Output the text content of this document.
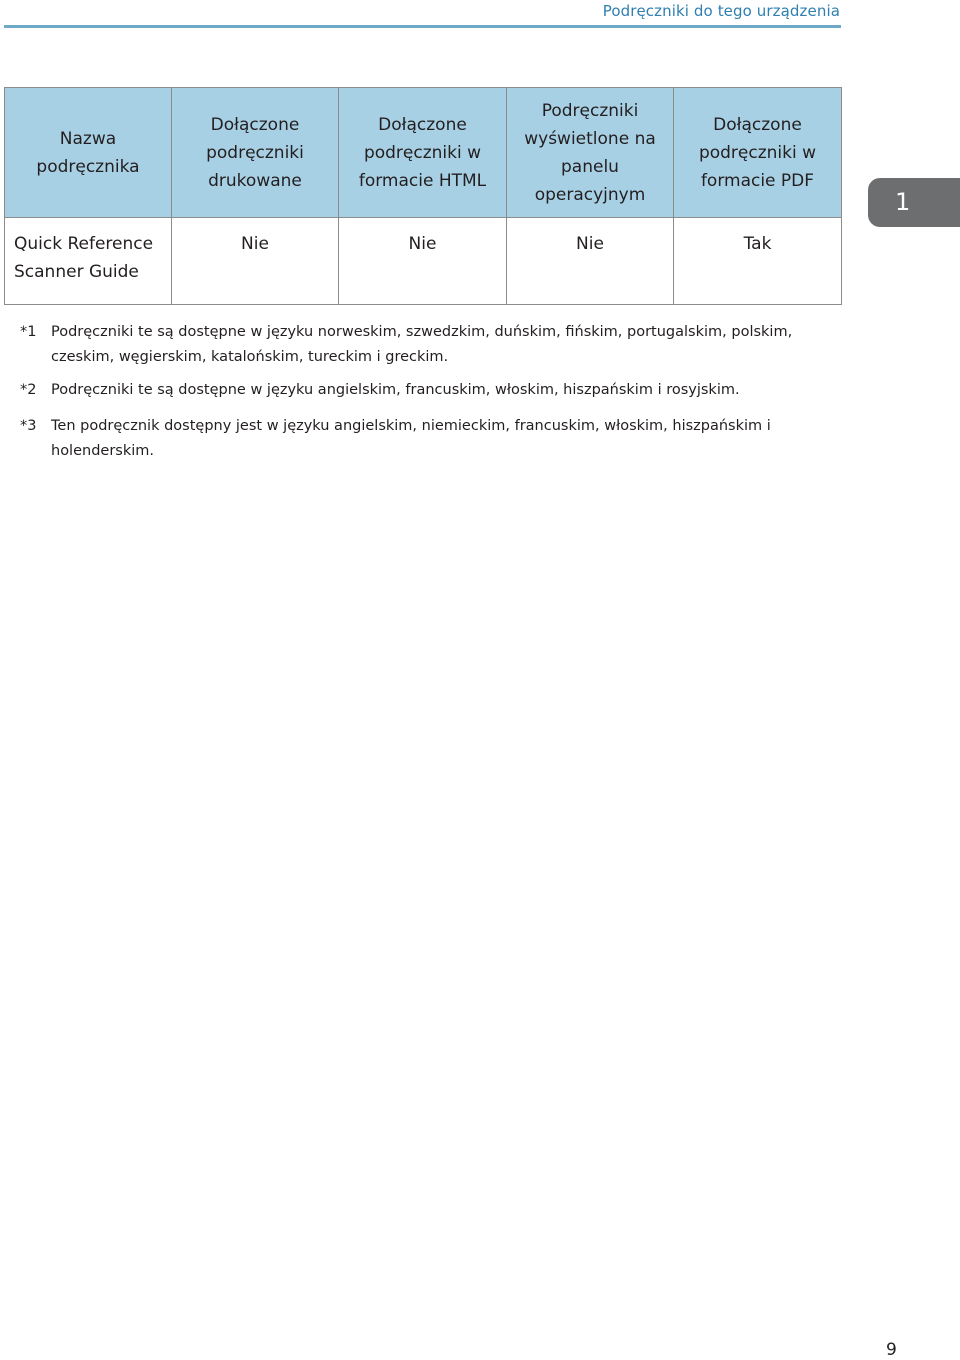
Podręczniki do tego urządzenia
Nazwa podręcznika	Dołączone podręczniki drukowane	Dołączone podręczniki w formacie HTML	Podręczniki wyświetlone na panelu operacyjnym	Dołączone podręczniki w formacie PDF
Quick Reference Scanner Guide	Nie	Nie	Nie	Tak
1
*1 Podręczniki te są dostępne w języku norweskim, szwedzkim, duńskim, fińskim, portugalskim, polskim, czeskim, węgierskim, katalońskim, tureckim i greckim.
*2 Podręczniki te są dostępne w języku angielskim, francuskim, włoskim, hiszpańskim i rosyjskim.
*3 Ten podręcznik dostępny jest w języku angielskim, niemieckim, francuskim, włoskim, hiszpańskim i holenderskim.
9
